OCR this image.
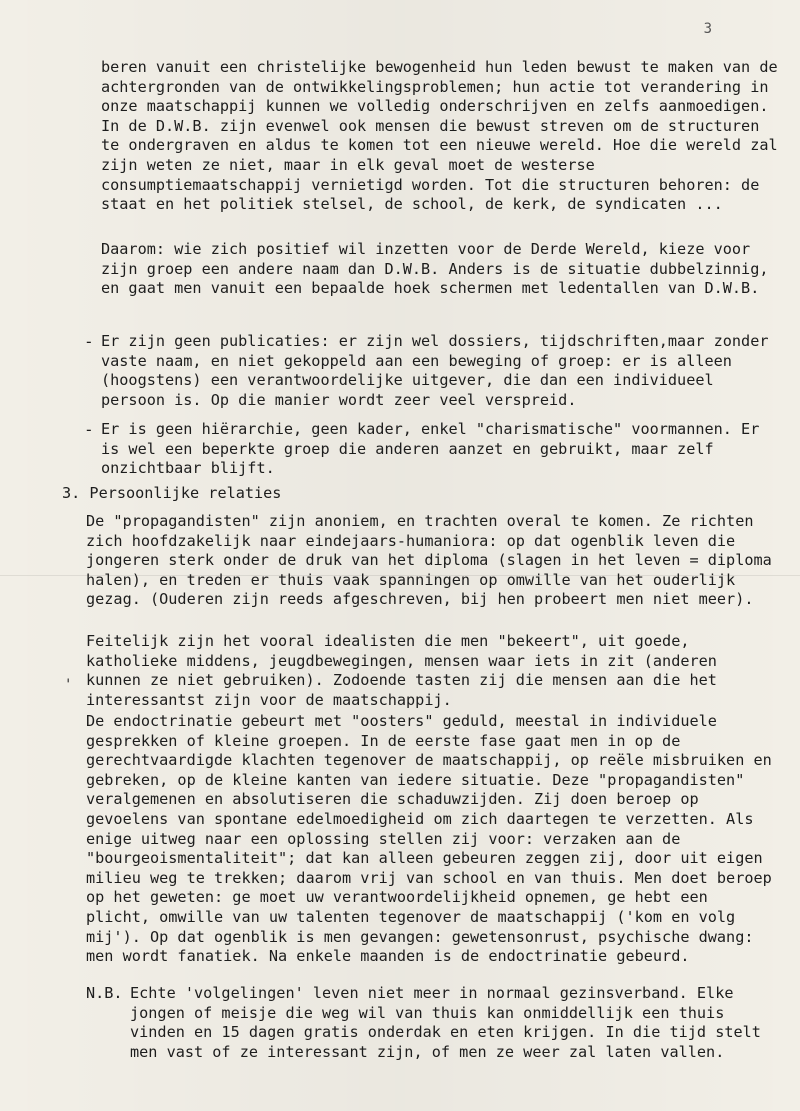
3
beren vanuit een christelijke bewogenheid hun leden bewust te maken van de achtergronden van de ontwikkelingsproblemen; hun actie tot verandering in onze maatschappij kunnen we volledig onderschrijven en zelfs aanmoedigen. In de D.W.B. zijn evenwel ook mensen die bewust streven om de structuren te ondergraven en aldus te komen tot een nieuwe wereld. Hoe die wereld zal zijn weten ze niet, maar in elk geval moet de westerse consumptiemaatschappij vernietigd worden. Tot die structuren behoren: de staat en het politiek stelsel, de school, de kerk, de syndicaten ...
Daarom: wie zich positief wil inzetten voor de Derde Wereld, kieze voor zijn groep een andere naam dan D.W.B. Anders is de situatie dubbelzinnig, en gaat men vanuit een bepaalde hoek schermen met ledentallen van D.W.B.
- Er zijn geen publicaties: er zijn wel dossiers, tijdschriften,maar zonder vaste naam, en niet gekoppeld aan een beweging of groep: er is alleen (hoogstens) een verantwoordelijke uitgever, die dan een individueel persoon is. Op die manier wordt zeer veel verspreid.
- Er is geen hiërarchie, geen kader, enkel "charismatische" voormannen. Er is wel een beperkte groep die anderen aanzet en gebruikt, maar zelf onzichtbaar blijft.
3. Persoonlijke relaties
De "propagandisten" zijn anoniem, en trachten overal te komen. Ze richten zich hoofdzakelijk naar eindejaars-humaniora: op dat ogenblik leven die jongeren sterk onder de druk van het diploma (slagen in het leven = diploma halen), en treden er thuis vaak spanningen op omwille van het ouderlijk gezag. (Ouderen zijn reeds afgeschreven, bij hen probeert men niet meer).
'
Feitelijk zijn het vooral idealisten die men "bekeert", uit goede, katholieke middens, jeugdbewegingen, mensen waar iets in zit (anderen kunnen ze niet gebruiken). Zodoende tasten zij die mensen aan die het interessantst zijn voor de maatschappij.
De endoctrinatie gebeurt met "oosters" geduld, meestal in individuele gesprekken of kleine groepen. In de eerste fase gaat men in op de gerechtvaardigde klachten tegenover de maatschappij, op reële misbruiken en gebreken, op de kleine kanten van iedere situatie. Deze "propagandisten" veralgemenen en absolutiseren die schaduwzijden. Zij doen beroep op gevoelens van spontane edelmoedigheid om zich daartegen te verzetten. Als enige uitweg naar een oplossing stellen zij voor: verzaken aan de "bourgeoismentaliteit"; dat kan alleen gebeuren zeggen zij, door uit eigen milieu weg te trekken; daarom vrij van school en van thuis. Men doet beroep op het geweten: ge moet uw verantwoordelijkheid opnemen, ge hebt een plicht, omwille van uw talenten tegenover de maatschappij ('kom en volg mij'). Op dat ogenblik is men gevangen: gewetensonrust, psychische dwang: men wordt fanatiek. Na enkele maanden is de endoctrinatie gebeurd.
N.B. Echte 'volgelingen' leven niet meer in normaal gezinsverband. Elke jongen of meisje die weg wil van thuis kan onmiddellijk een thuis vinden en 15 dagen gratis onderdak en eten krijgen. In die tijd stelt men vast of ze interessant zijn, of men ze weer zal laten vallen.
